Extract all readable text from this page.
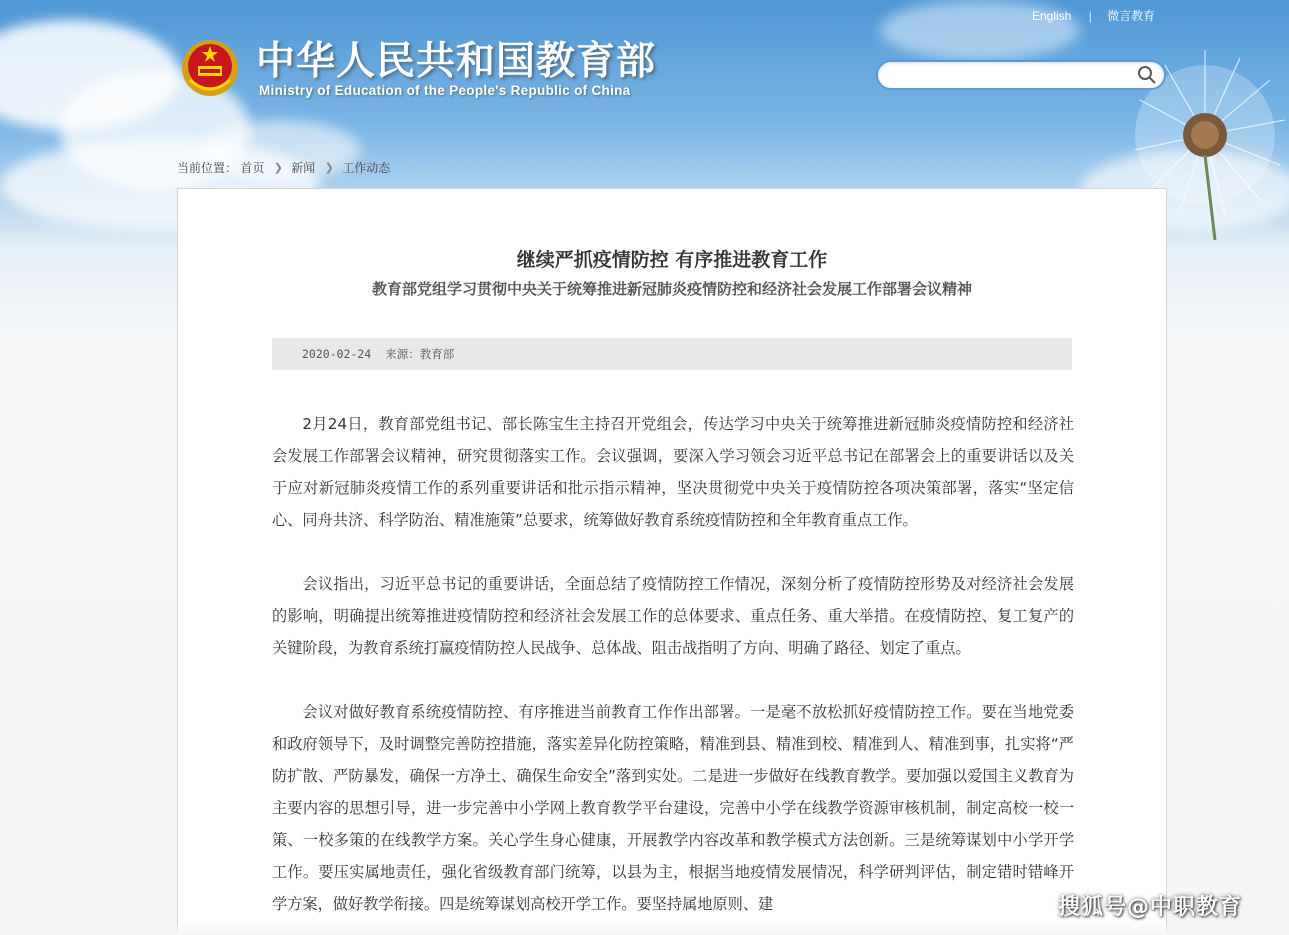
中华人民共和国教育部
Ministry of Education of the People's Republic of China
English | 微言教育
当前位置： 首页 ❯ 新闻 ❯ 工作动态
继续严抓疫情防控 有序推进教育工作
教育部党组学习贯彻中央关于统筹推进新冠肺炎疫情防控和经济社会发展工作部署会议精神
2020-02-24 来源：教育部

2月24日，教育部党组书记、部长陈宝生主持召开党组会，传达学习中央关于统筹推进新冠肺炎疫情防控和经济社会发展工作部署会议精神，研究贯彻落实工作。会议强调，要深入学习领会习近平总书记在部署会上的重要讲话以及关于应对新冠肺炎疫情工作的系列重要讲话和批示指示精神，坚决贯彻党中央关于疫情防控各项决策部署，落实“坚定信心、同舟共济、科学防治、精准施策”总要求，统筹做好教育系统疫情防控和全年教育重点工作。

会议指出，习近平总书记的重要讲话，全面总结了疫情防控工作情况，深刻分析了疫情防控形势及对经济社会发展的影响，明确提出统筹推进疫情防控和经济社会发展工作的总体要求、重点任务、重大举措。在疫情防控、复工复产的关键阶段，为教育系统打赢疫情防控人民战争、总体战、阻击战指明了方向、明确了路径、划定了重点。

会议对做好教育系统疫情防控、有序推进当前教育工作作出部署。一是毫不放松抓好疫情防控工作。要在当地党委和政府领导下，及时调整完善防控措施，落实差异化防控策略，精准到县、精准到校、精准到人、精准到事，扎实将“严防扩散、严防暴发，确保一方净土、确保生命安全”落到实处。二是进一步做好在线教育教学。要加强以爱国主义教育为主要内容的思想引导，进一步完善中小学网上教育教学平台建设，完善中小学在线教学资源审核机制，制定高校一校一策、一校多策的在线教学方案。关心学生身心健康，开展教学内容改革和教学模式方法创新。三是统筹谋划中小学开学工作。要压实属地责任，强化省级教育部门统筹，以县为主，根据当地疫情发展情况，科学研判评估，制定错时错峰开学方案，做好教学衔接。四是统筹谋划高校开学工作。要坚持属地原则、建	搜狐号@中职教育
